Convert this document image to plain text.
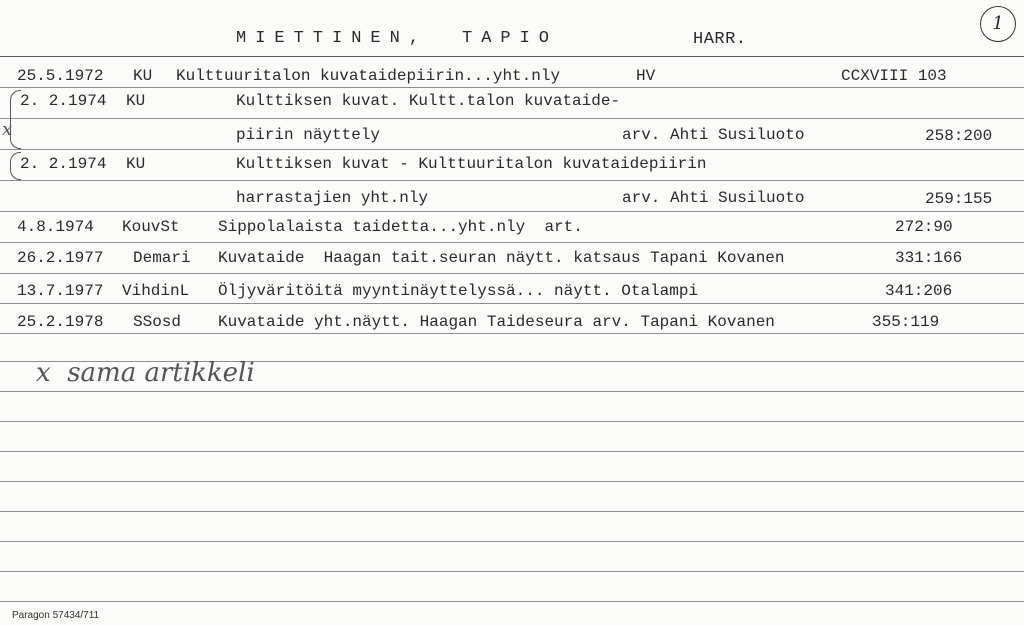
MIETTINEN, TAPIO	HARR.
1
25.5.1972 KU Kulttuuritalon kuvataidepiirin...yht.nly	HV	CCXVIII 103
2. 2.1974 KU	Kulttiksen kuvat. Kultt.talon kuvataide-
piirin näyttely	arv. Ahti Susiluoto	258:200
x
2. 2.1974 KU	Kulttiksen kuvat - Kulttuuritalon kuvataidepiirin
harrastajien yht.nly	arv. Ahti Susiluoto	259:155
4.8.1974 KouvSt Sippolalaista taidetta...yht.nly  art.	272:90
26.2.1977 Demari Kuvataide  Haagan tait.seuran näytt. katsaus Tapani Kovanen	331:166
13.7.1977 VihdinL Öljyväritöitä myyntinäyttelyssä... näytt. Otalampi	341:206
25.2.1978 SSosd Kuvataide yht.näytt. Haagan Taideseura arv. Tapani Kovanen	355:119
x  sama artikkeli
Paragon 57434/711
